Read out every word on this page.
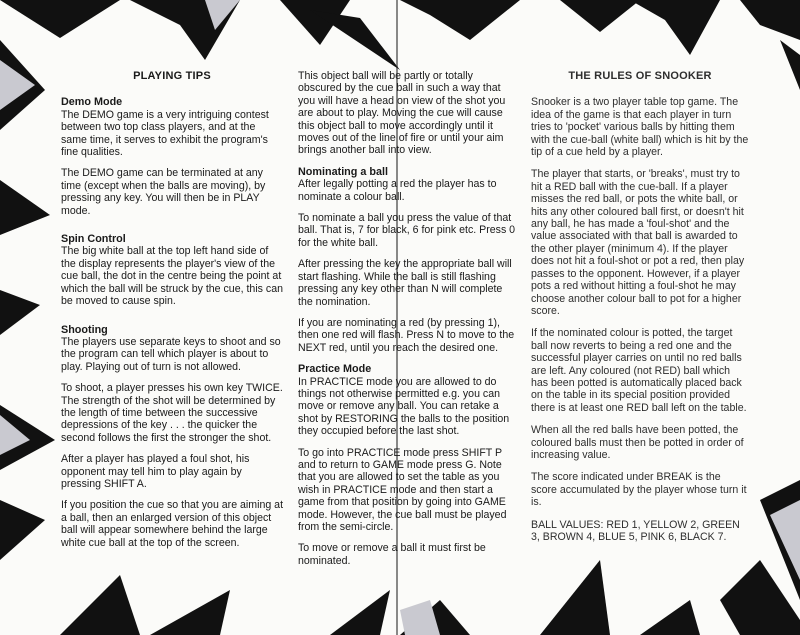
PLAYING TIPS
Demo Mode

The DEMO game is a very intriguing contest between two top class players, and at the same time, it serves to exhibit the program's fine qualities.

The DEMO game can be terminated at any time (except when the balls are moving), by pressing any key. You will then be in PLAY mode.

Spin Control

The big white ball at the top left hand side of the display represents the player's view of the cue ball, the dot in the centre being the point at which the ball will be struck by the cue, this can be moved to cause spin.

Shooting

The players use separate keys to shoot and so the program can tell which player is about to play. Playing out of turn is not allowed.

To shoot, a player presses his own key TWICE. The strength of the shot will be determined by the length of time between the successive depressions of the key . . . the quicker the second follows the first the stronger the shot.

After a player has played a foul shot, his opponent may tell him to play again by pressing SHIFT A.

If you position the cue so that you are aiming at a ball, then an enlarged version of this object ball will appear somewhere behind the large white cue ball at the top of the screen.

This object ball will be partly or totally obscured by the cue ball in such a way that you will have a head on view of the shot you are about to play. Moving the cue will cause this object ball to move accordingly until it moves out of the line of fire or until your aim brings another ball into view.

Nominating a ball

After legally potting a red the player has to nominate a colour ball.

To nominate a ball you press the value of that ball. That is, 7 for black, 6 for pink etc. Press 0 for the white ball.

After pressing the key the appropriate ball will start flashing. While the ball is still flashing pressing any key other than N will complete the nomination.

If you are nominating a red (by pressing 1), then one red will flash. Press N to move to the NEXT red, until you reach the desired one.

Practice Mode

In PRACTICE mode you are allowed to do things not otherwise permitted e.g. you can move or remove any ball. You can retake a shot by RESTORING the balls to the position they occupied before the last shot.

To go into PRACTICE mode press SHIFT P and to return to GAME mode press G. Note that you are allowed to set the table as you wish in PRACTICE mode and then start a game from that position by going into GAME mode. However, the cue ball must be played from the semi-circle.

To move or remove a ball it must first be nominated.

THE RULES OF SNOOKER

Snooker is a two player table top game. The idea of the game is that each player in turn tries to 'pocket' various balls by hitting them with the cue-ball (white ball) which is hit by the tip of a cue held by a player.

The player that starts, or 'breaks', must try to hit a RED ball with the cue-ball. If a player misses the red ball, or pots the white ball, or hits any other coloured ball first, or doesn't hit any ball, he has made a 'foul-shot' and the value associated with that ball is awarded to the other player (minimum 4). If the player does not hit a foul-shot or pot a red, then play passes to the opponent. However, if a player pots a red without hitting a foul-shot he may choose another colour ball to pot for a higher score.

If the nominated colour is potted, the target ball now reverts to being a red one and the successful player carries on until no red balls are left. Any coloured (not RED) ball which has been potted is automatically placed back on the table in its special position provided there is at least one RED ball left on the table.

When all the red balls have been potted, the coloured balls must then be potted in order of increasing value.

The score indicated under BREAK is the score accumulated by the player whose turn it is.

BALL VALUES: RED 1, YELLOW 2, GREEN 3, BROWN 4, BLUE 5, PINK 6, BLACK 7.
